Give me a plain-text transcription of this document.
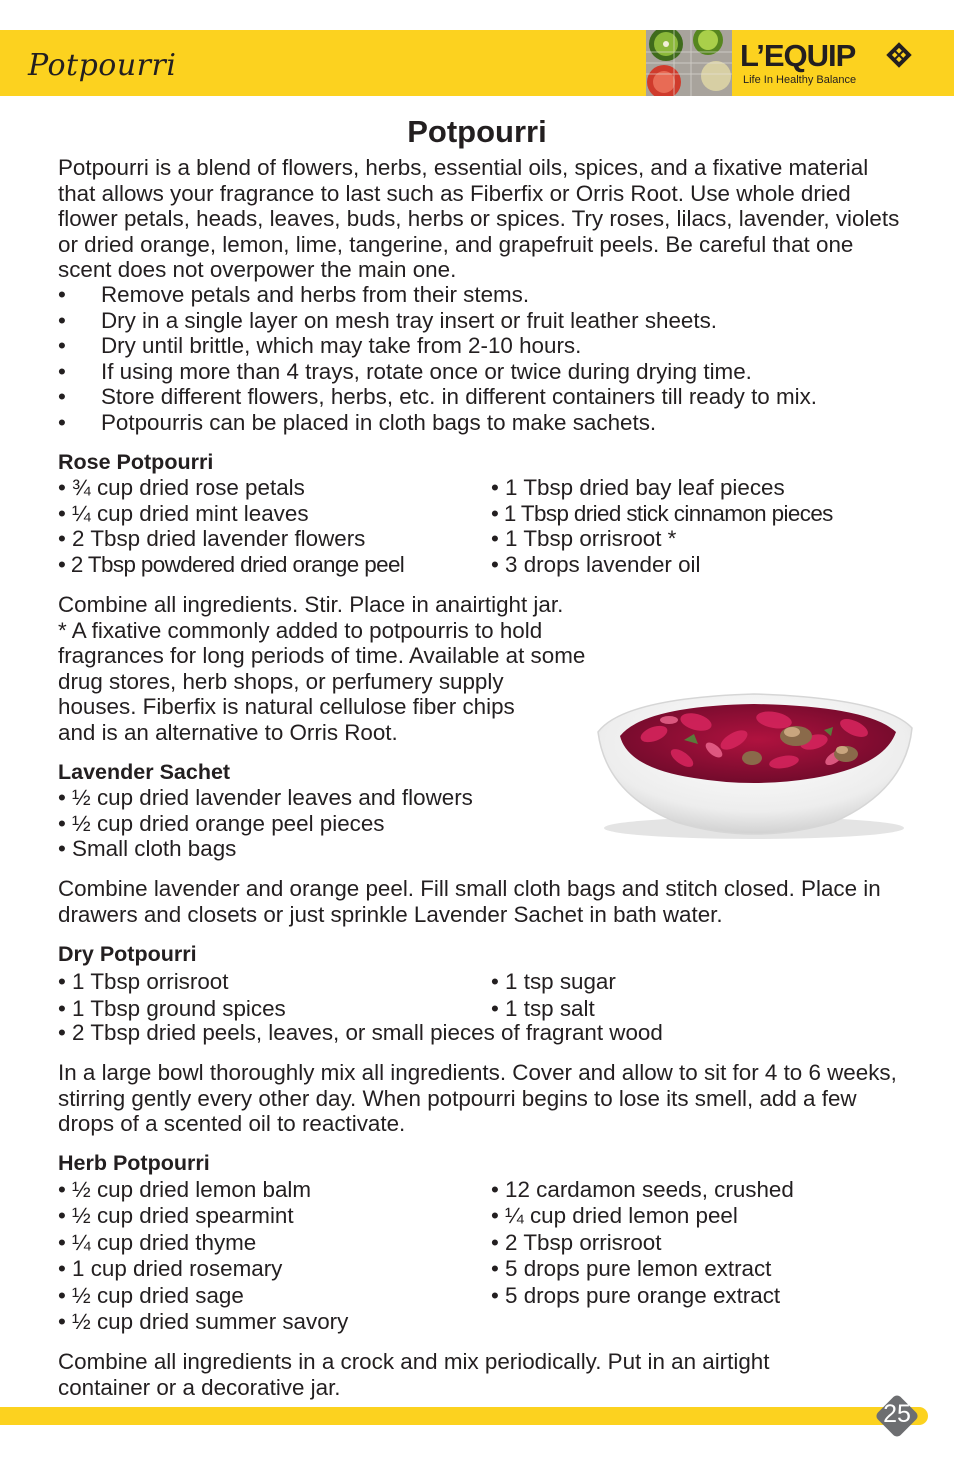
Potpourri	L’EQUIP
Life In Healthy Balance
Potpourri
Potpourri is a blend of flowers, herbs, essential oils, spices, and a fixative material that allows your fragrance to last such as Fiberfix or Orris Root. Use whole dried flower petals, heads, leaves, buds, herbs or spices. Try roses, lilacs, lavender, violets or dried orange, lemon, lime, tangerine, and grapefruit peels. Be careful that one scent does not overpower the main one.
• Remove petals and herbs from their stems.
• Dry in a single layer on mesh tray insert or fruit leather sheets.
• Dry until brittle, which may take from 2-10 hours.
• If using more than 4 trays, rotate once or twice during drying time.
• Store different flowers, herbs, etc. in different containers till ready to mix.
• Potpourris can be placed in cloth bags to make sachets.
Rose Potpourri
• ¾ cup dried rose petals
• ¼ cup dried mint leaves
• 2 Tbsp dried lavender flowers
• 2 Tbsp powdered dried orange peel
• 1 Tbsp dried bay leaf pieces
• 1 Tbsp dried stick cinnamon pieces
• 1 Tbsp orrisroot *
• 3 drops lavender oil
Combine all ingredients. Stir. Place in anairtight jar.
* A fixative commonly added to potpourris to hold
fragrances for long periods of time. Available at some
drug stores, herb shops, or perfumery supply
houses. Fiberfix is natural cellulose fiber chips
and is an alternative to Orris Root.
Lavender Sachet
• ½ cup dried lavender leaves and flowers
• ½ cup dried orange peel pieces
• Small cloth bags
Combine lavender and orange peel. Fill small cloth bags and stitch closed. Place in drawers and closets or just sprinkle Lavender Sachet in bath water.
Dry Potpourri
• 1 Tbsp orrisroot
• 1 Tbsp ground spices
• 1 tsp sugar
• 1 tsp salt
• 2 Tbsp dried peels, leaves, or small pieces of fragrant wood
In a large bowl thoroughly mix all ingredients. Cover and allow to sit for 4 to 6 weeks, stirring gently every other day. When potpourri begins to lose its smell, add a few drops of a scented oil to reactivate.
Herb Potpourri
• ½ cup dried lemon balm
• ½ cup dried spearmint
• ¼ cup dried thyme
• 1 cup dried rosemary
• ½ cup dried sage
• ½ cup dried summer savory
• 12 cardamon seeds, crushed
• ¼ cup dried lemon peel
• 2 Tbsp orrisroot
• 5 drops pure lemon extract
• 5 drops pure orange extract
Combine all ingredients in a crock and mix periodically. Put in an airtight container or a decorative jar.
25
